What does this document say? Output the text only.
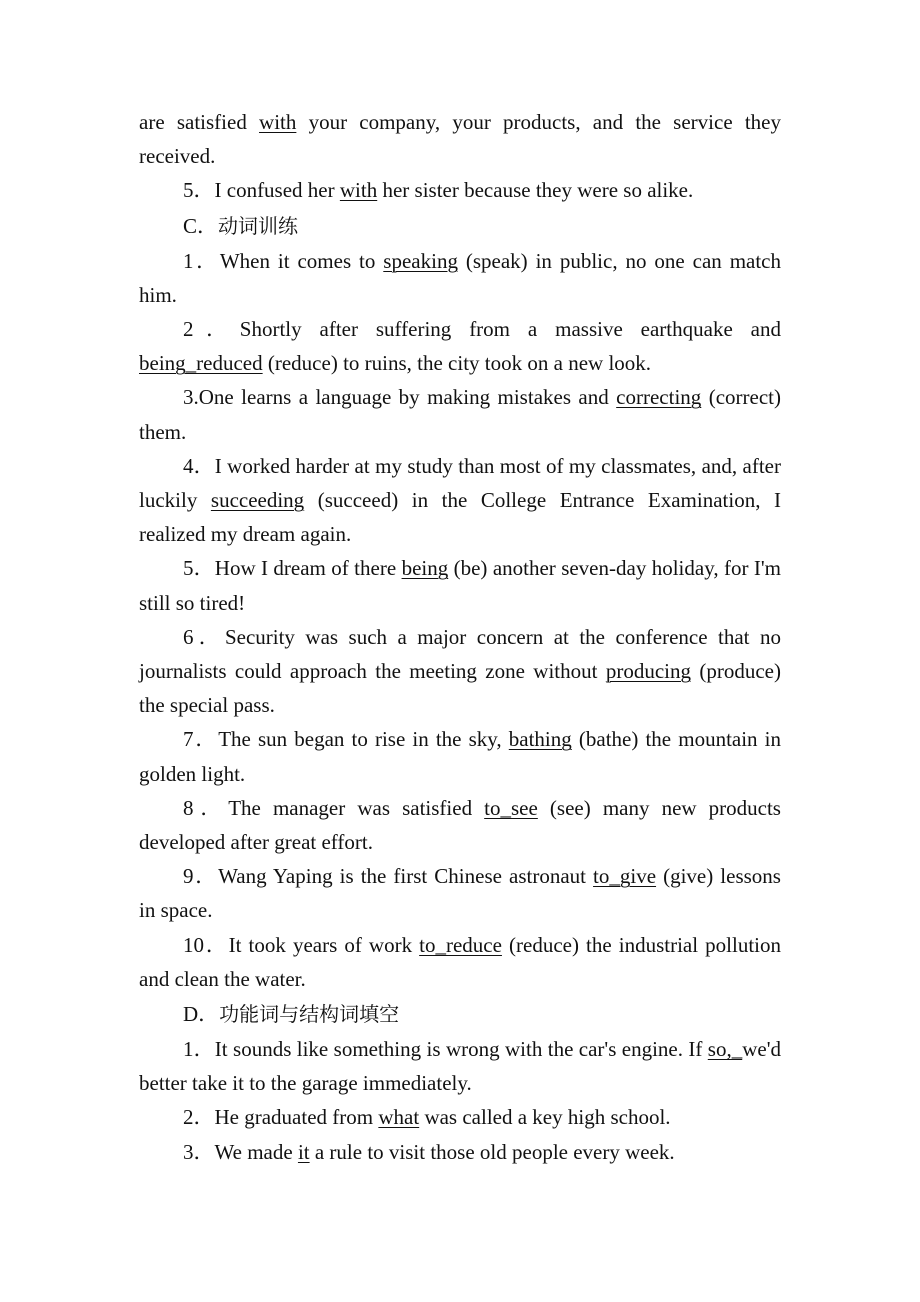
are satisfied with your company, your products, and the service they received.

5．I confused her with her sister because they were so alike.

C．动词训练

1．When it comes to speaking (speak) in public, no one can match him.

2．Shortly after suffering from a massive earthquake and being_reduced (reduce) to ruins, the city took on a new look.

3.One learns a language by making mistakes and correcting (correct) them.

4．I worked harder at my study than most of my classmates, and, after luckily succeeding (succeed) in the College Entrance Examination, I realized my dream again.

5．How I dream of there being (be) another seven-day holiday, for I'm still so tired!

6．Security was such a major concern at the conference that no journalists could approach the meeting zone without producing (produce) the special pass.

7．The sun began to rise in the sky, bathing (bathe) the mountain in golden light.

8．The manager was satisfied to_see (see) many new products developed after great effort.

9．Wang Yaping is the first Chinese astronaut to_give (give) lessons in space.

10．It took years of work to_reduce (reduce) the industrial pollution and clean the water.

D．功能词与结构词填空

1．It sounds like something is wrong with the car's engine. If so,_we'd better take it to the garage immediately.

2．He graduated from what was called a key high school.

3．We made it a rule to visit those old people every week.
